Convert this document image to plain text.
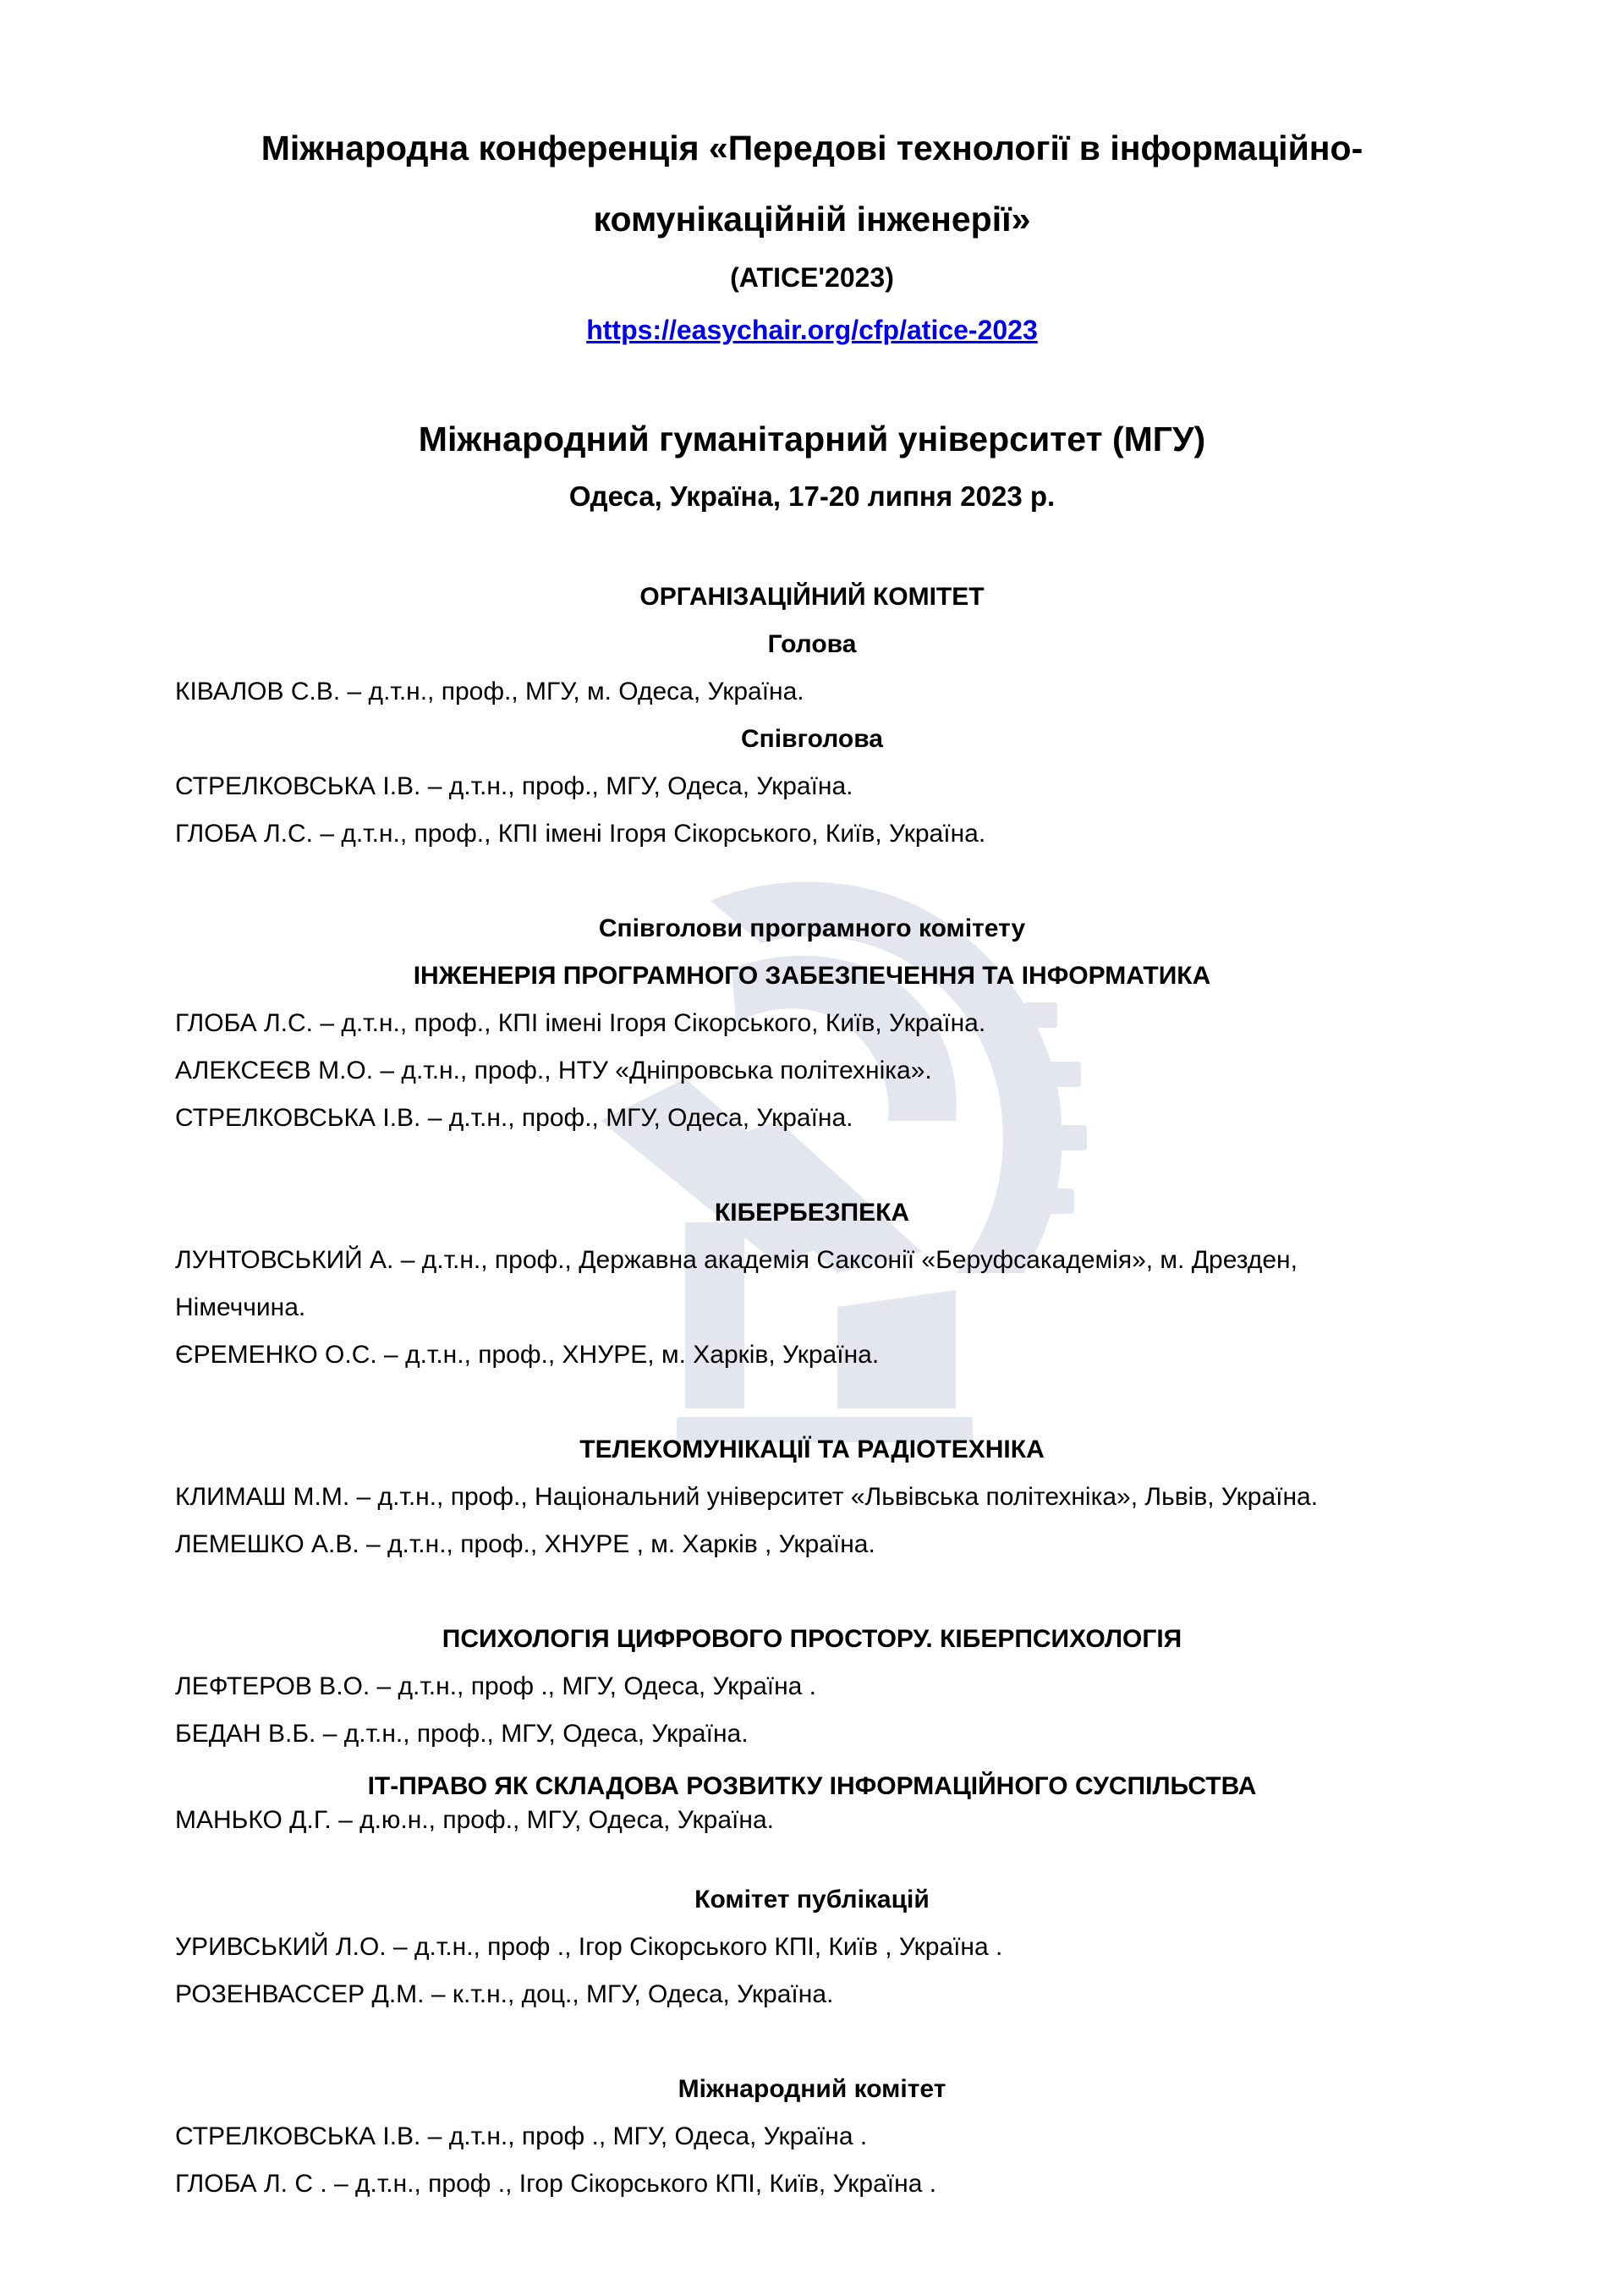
Міжнародна конференція «Передові технології в інформаційно-
комунікаційній інженерії»
(ATICE'2023)
https://easychair.org/cfp/atice-2023
Міжнародний гуманітарний університет (МГУ)
Одеса, Україна, 17-20 липня 2023 р.
ОРГАНІЗАЦІЙНИЙ КОМІТЕТ
Голова
КІВАЛОВ С.В. – д.т.н., проф., МГУ, м. Одеса, Україна.
Співголова
СТРЕЛКОВСЬКА І.В. – д.т.н., проф., МГУ, Одеса, Україна.
ГЛОБА Л.С. – д.т.н., проф., КПІ імені Ігоря Сікорського, Київ, Україна.
Співголови програмного комітету
ІНЖЕНЕРІЯ ПРОГРАМНОГО ЗАБЕЗПЕЧЕННЯ ТА ІНФОРМАТИКА
ГЛОБА Л.С. – д.т.н., проф., КПІ імені Ігоря Сікорського, Київ, Україна.
АЛЕКСЕЄВ М.О. – д.т.н., проф., НТУ «Дніпровська політехніка».
СТРЕЛКОВСЬКА І.В. – д.т.н., проф., МГУ, Одеса, Україна.
КІБЕРБЕЗПЕКА
ЛУНТОВСЬКИЙ А. – д.т.н., проф., Державна академія Саксонії «Беруфсакадемія», м. Дрезден,
Німеччина.
ЄРЕМЕНКО О.С. – д.т.н., проф., ХНУРЕ, м. Харків, Україна.
ТЕЛЕКОМУНІКАЦІЇ ТА РАДІОТЕХНІКА
КЛИМАШ М.М. – д.т.н., проф., Національний університет «Львівська політехніка», Львів, Україна.
ЛЕМЕШКО А.В. – д.т.н., проф., ХНУРЕ , м. Харків , Україна.
ПСИХОЛОГІЯ ЦИФРОВОГО ПРОСТОРУ. КІБЕРПСИХОЛОГІЯ
ЛЕФТЕРОВ В.О. – д.т.н., проф ., МГУ, Одеса, Україна .
БЕДАН В.Б. – д.т.н., проф., МГУ, Одеса, Україна.
ІТ-ПРАВО ЯК СКЛАДОВА РОЗВИТКУ ІНФОРМАЦІЙНОГО СУСПІЛЬСТВА
МАНЬКО Д.Г. – д.ю.н., проф., МГУ, Одеса, Україна.
Комітет публікацій
УРИВСЬКИЙ Л.О. – д.т.н., проф ., Ігор Сікорського КПІ, Київ , Україна .
РОЗЕНВАССЕР Д.М. – к.т.н., доц., МГУ, Одеса, Україна.
Міжнародний комітет
СТРЕЛКОВСЬКА І.В. – д.т.н., проф ., МГУ, Одеса, Україна .
ГЛОБА Л. С . – д.т.н., проф ., Ігор Сікорського КПІ, Київ, Україна .
